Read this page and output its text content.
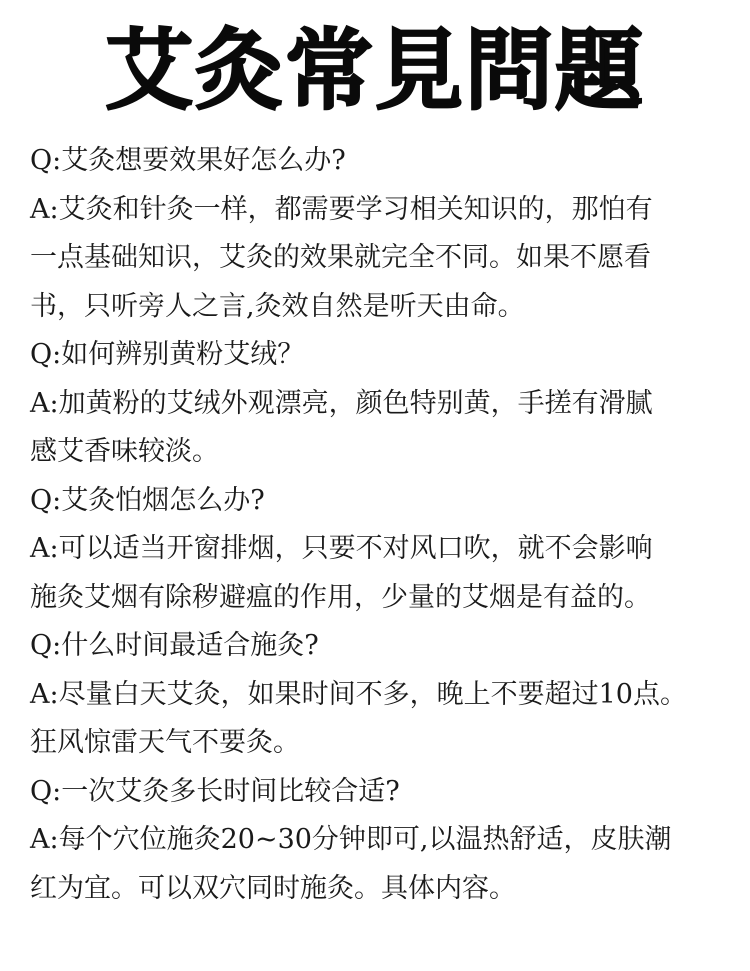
艾灸常見問題
Q:艾灸想要效果好怎么办?
A:艾灸和针灸一样，都需要学习相关知识的，那怕有
一点基础知识，艾灸的效果就完全不同。如果不愿看
书，只听旁人之言,灸效自然是听天由命。
Q:如何辨别黄粉艾绒？
A:加黄粉的艾绒外观漂亮，颜色特别黄，手搓有滑腻
感艾香味较淡。
Q:艾灸怕烟怎么办?
A:可以适当开窗排烟，只要不对风口吹，就不会影响
施灸艾烟有除秽避瘟的作用，少量的艾烟是有益的。
Q:什么时间最适合施灸?
A:尽量白天艾灸，如果时间不多，晚上不要超过10点。
狂风惊雷天气不要灸。
Q:一次艾灸多长时间比较合适?
A:每个穴位施灸20~30分钟即可,以温热舒适，皮肤潮
红为宜。可以双穴同时施灸。具体内容。
